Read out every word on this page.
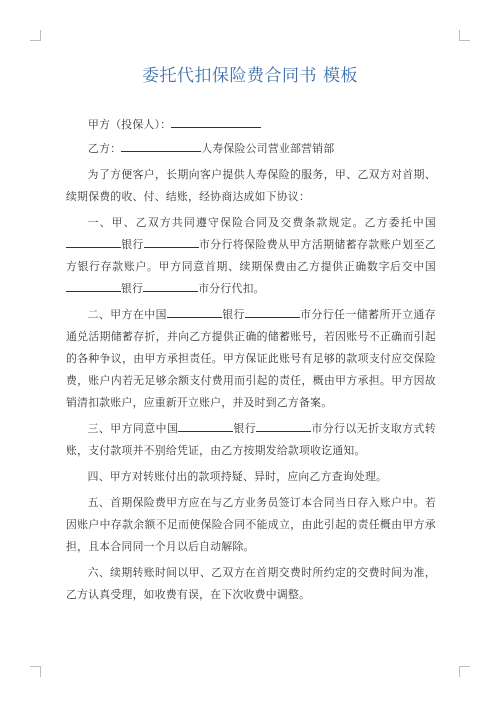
委托代扣保险费合同书 模板
甲方（投保人）：
乙方：	人寿保险公司营业部营销部

为了方便客户，长期向客户提供人寿保险的服务，甲、乙双方对首期、续期保费的收、付、结账，经协商达成如下协议：

一、甲、乙双方共同遵守保险合同及交费条款规定。乙方委托中国银行	市分行将保险费从甲方活期储蓄存款账户划至乙方银行存款账户。甲方同意首期、续期保费由乙方提供正确数字后交中国银行	市分行代扣。

二、甲方在中国	银行	市分行任一储蓄所开立通存通兑活期储蓄存折，并向乙方提供正确的储蓄账号，若因账号不正确而引起的各种争议，由甲方承担责任。甲方保证此账号有足够的款项支付应交保险费，账户内若无足够余额支付费用而引起的责任，概由甲方承担。甲方因故销清扣款账户，应重新开立账户，并及时到乙方备案。

三、甲方同意中国	银行	市分行以无折支取方式转账，支付款项并不别给凭证，由乙方按期发给款项收讫通知。

四、甲方对转账付出的款项持疑、异时，应向乙方查询处理。

五、首期保险费甲方应在与乙方业务员签订本合同当日存入账户中。若因账户中存款余额不足而使保险合同不能成立，由此引起的责任概由甲方承担，且本合同同一个月以后自动解除。

六、续期转账时间以甲、乙双方在首期交费时所约定的交费时间为准，乙方认真受理，如收费有误，在下次收费中调整。
